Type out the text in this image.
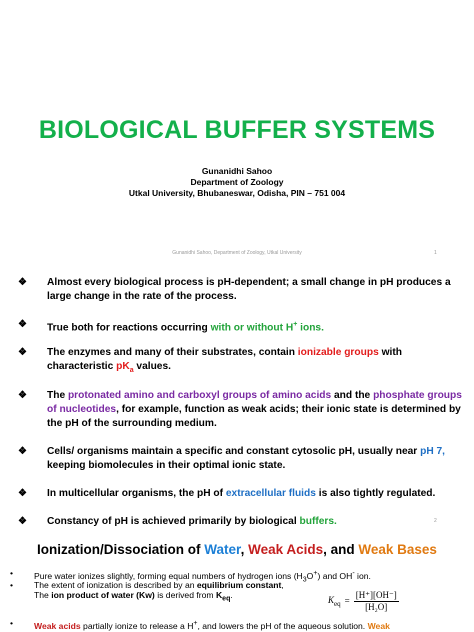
BIOLOGICAL BUFFER SYSTEMS
Gunanidhi Sahoo
Department of Zoology
Utkal University, Bhubaneswar, Odisha, PIN – 751 004
Gunanidhi Sahoo, Department of Zoology, Utkal University	1
❖ Almost every biological process is pH-dependent; a small change in pH produces a large change in the rate of the process.
❖ True both for reactions occurring with or without H+ ions.
❖ The enzymes and many of their substrates, contain ionizable groups with characteristic $pK_a$ values.
❖ The protonated amino and carboxyl groups of amino acids and the phosphate groups of nucleotides, for example, function as weak acids; their ionic state is determined by the pH of the surrounding medium.
❖ Cells/ organisms maintain a specific and constant cytosolic pH, usually near pH 7, keeping biomolecules in their optimal ionic state.
❖ In multicellular organisms, the pH of extracellular fluids is also tightly regulated.
❖ Constancy of pH is achieved primarily by biological buffers.	2
Ionization/Dissociation of Water, Weak Acids, and Weak Bases
• Pure water ionizes slightly, forming equal numbers of hydrogen ions $(H_3O^+)$ and OH- ion.
• The extent of ionization is described by an equilibrium constant,
The ion product of water (Kw) is derived from $K_{eq}$.	$K_{eq} = \frac{[H^+][OH^-]}{\text{[H₂O]}}$
• Weak acids partially ionize to release a H+, and lowers the pH of the aqueous solution. Weak
